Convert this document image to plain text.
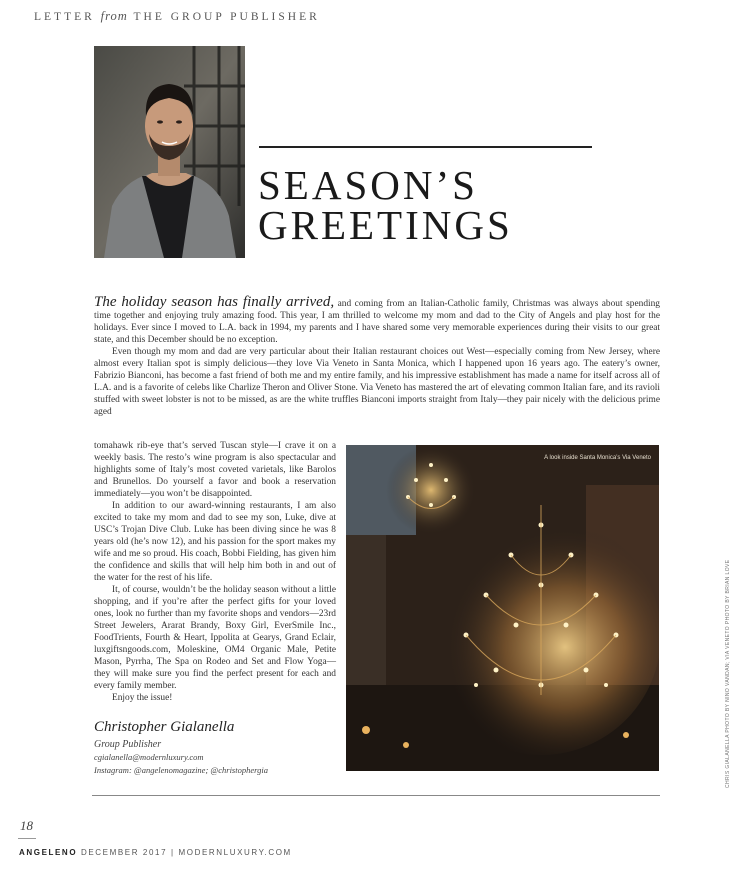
LETTER from THE GROUP PUBLISHER
SEASON’S
GREETINGS

The holiday season has finally arrived, and coming from an Italian-Catholic family, Christmas was always about spending time together and enjoying truly amazing food. This year, I am thrilled to welcome my mom and dad to the City of Angels and play host for the holidays. Ever since I moved to L.A. back in 1994, my parents and I have shared some very memorable experiences during their visits to our great state, and this December should be no exception.

Even though my mom and dad are very particular about their Italian restaurant choices out West—especially coming from New Jersey, where almost every Italian spot is simply delicious—they love Via Veneto in Santa Monica, which I happened upon 16 years ago. The eatery’s owner, Fabrizio Bianconi, has become a fast friend of both me and my entire family, and his impressive establishment has made a name for itself across all of L.A. and is a favorite of celebs like Charlize Theron and Oliver Stone. Via Veneto has mastered the art of elevating common Italian fare, and its ravioli stuffed with sweet lobster is not to be missed, as are the white truffles Bianconi imports straight from Italy—they pair nicely with the delicious prime aged

tomahawk rib-eye that’s served Tuscan style—I crave it on a weekly basis. The resto’s wine program is also spectacular and highlights some of Italy’s most coveted varietals, like Barolos and Brunellos. Do yourself a favor and book a reservation immediately—you won’t be disappointed.

In addition to our award-winning restaurants, I am also excited to take my mom and dad to see my son, Luke, dive at USC’s Trojan Dive Club. Luke has been diving since he was 8 years old (he’s now 12), and his passion for the sport makes my wife and me so proud. His coach, Bobbi Fielding, has given him the confidence and skills that will help him both in and out of the water for the rest of his life.

It, of course, wouldn’t be the holiday season without a little shopping, and if you’re after the perfect gifts for your loved ones, look no further than my favorite shops and vendors—23rd Street Jewelers, Ararat Brandy, Boxy Girl, EverSmile Inc., FoodTrients, Fourth & Heart, Ippolita at Gearys, Grand Eclair, luxgiftsngoods.com, Moleskine, OM4 Organic Male, Petite Mason, Pyrrha, The Spa on Rodeo and Set and Flow Yoga—they will make sure you find the perfect present for each and every family member.

Enjoy the issue!

A look inside Santa Monica’s Via Veneto
CHRIS GIALANELLA PHOTO BY NINO VANDAN; VIA VENETO PHOTO BY BRIAN LOVE
Christopher Gialanella
Group Publisher
cgialanella@modernluxury.com
Instagram: @angelenomagazine; @christophergia
18
ANGELENO DECEMBER 2017 | MODERNLUXURY.COM
